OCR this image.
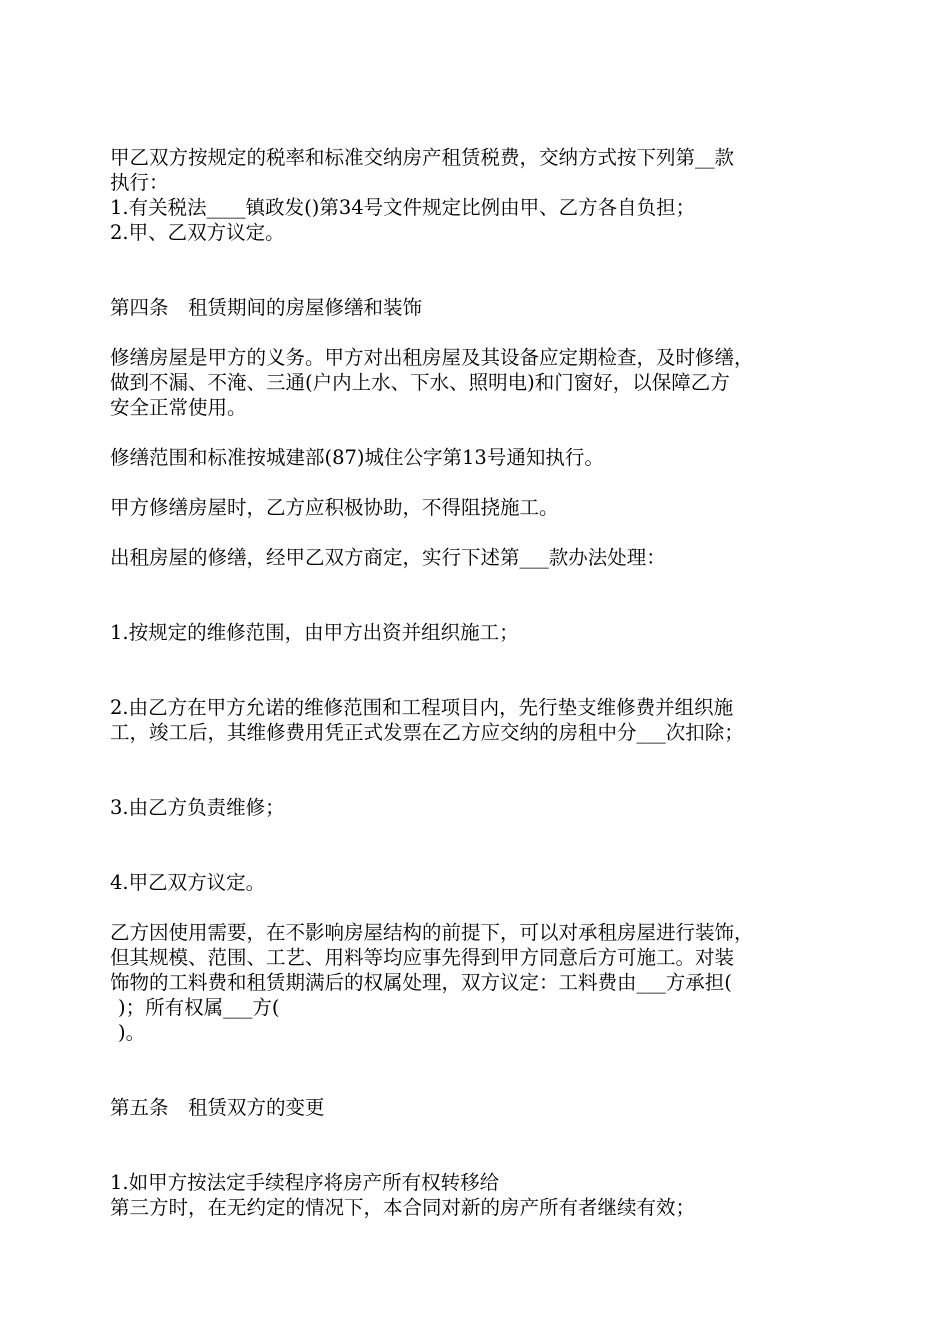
甲乙双方按规定的税率和标准交纳房产租赁税费，交纳方式按下列第__款

执行：

1.有关税法____镇政发()第34号文件规定比例由甲、乙方各自负担；

2.甲、乙双方议定。

第四条　租赁期间的房屋修缮和装饰

修缮房屋是甲方的义务。甲方对出租房屋及其设备应定期检查，及时修缮，

做到不漏、不淹、三通(户内上水、下水、照明电)和门窗好，以保障乙方

安全正常使用。

修缮范围和标准按城建部(87)城住公字第13号通知执行。

甲方修缮房屋时，乙方应积极协助，不得阻挠施工。

出租房屋的修缮，经甲乙双方商定，实行下述第___款办法处理：

1.按规定的维修范围，由甲方出资并组织施工；

2.由乙方在甲方允诺的维修范围和工程项目内，先行垫支维修费并组织施

工，竣工后，其维修费用凭正式发票在乙方应交纳的房租中分___次扣除；

3.由乙方负责维修；

4.甲乙双方议定。

乙方因使用需要，在不影响房屋结构的前提下，可以对承租房屋进行装饰，

但其规模、范围、工艺、用料等均应事先得到甲方同意后方可施工。对装

饰物的工料费和租赁期满后的权属处理，双方议定：工料费由___方承担(

)；所有权属___方(

)。

第五条　租赁双方的变更

1.如甲方按法定手续程序将房产所有权转移给

第三方时，在无约定的情况下，本合同对新的房产所有者继续有效；
